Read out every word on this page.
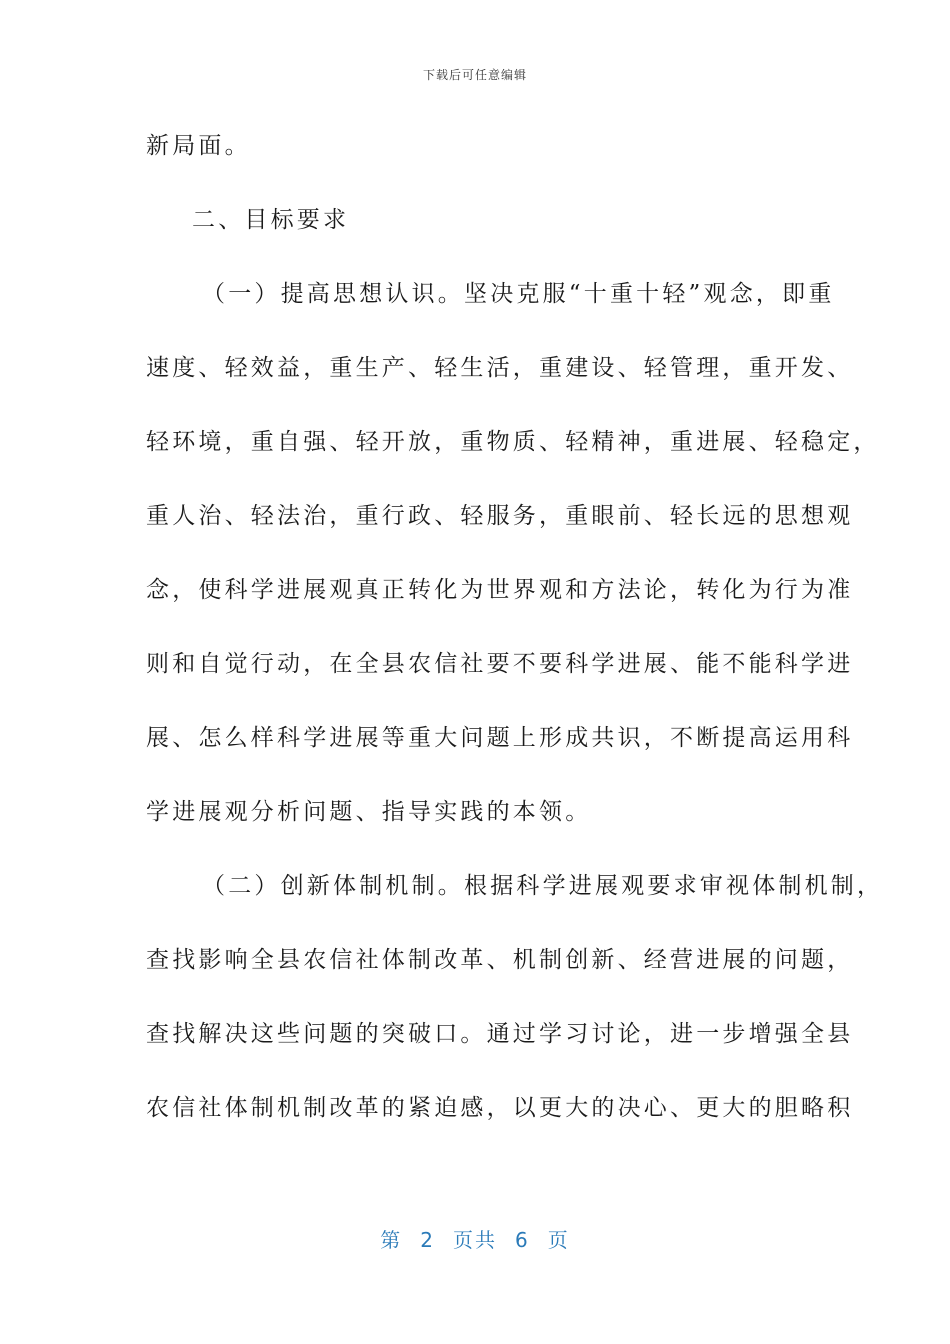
下载后可任意编辑
新局面。
二、目标要求
（一）提高思想认识。坚决克服“十重十轻”观念，即重
速度、轻效益，重生产、轻生活，重建设、轻管理，重开发、
轻环境，重自强、轻开放，重物质、轻精神，重进展、轻稳定，
重人治、轻法治，重行政、轻服务，重眼前、轻长远的思想观
念，使科学进展观真正转化为世界观和方法论，转化为行为准
则和自觉行动，在全县农信社要不要科学进展、能不能科学进
展、怎么样科学进展等重大问题上形成共识，不断提高运用科
学进展观分析问题、指导实践的本领。
（二）创新体制机制。根据科学进展观要求审视体制机制，
查找影响全县农信社体制改革、机制创新、经营进展的问题，
查找解决这些问题的突破口。通过学习讨论，进一步增强全县
农信社体制机制改革的紧迫感，以更大的决心、更大的胆略积
第 2 页共 6 页
